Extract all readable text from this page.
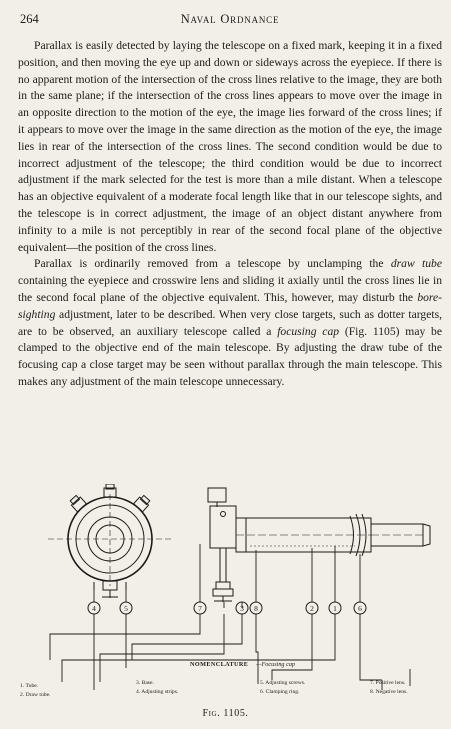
264	Naval Ordnance

Parallax is easily detected by laying the telescope on a fixed mark, keeping it in a fixed position, and then moving the eye up and down or sideways across the eyepiece. If there is no apparent motion of the intersection of the cross lines relative to the image, they are both in the same plane; if the intersection of the cross lines appears to move over the image in an opposite direction to the motion of the eye, the image lies forward of the cross lines; if it appears to move over the image in the same direction as the motion of the eye, the image lies in rear of the intersection of the cross lines. The second condition would be due to incorrect adjustment of the telescope; the third condition would be due to incorrect adjustment if the mark selected for the test is more than a mile distant. When a telescope has an objective equivalent of a moderate focal length like that in our telescope sights, and the telescope is in correct adjustment, the image of an object distant anywhere from infinity to a mile is not perceptibly in rear of the second focal plane of the objective equivalent—the position of the cross lines.

Parallax is ordinarily removed from a telescope by unclamping the draw tube containing the eyepiece and crosswire lens and sliding it axially until the cross lines lie in the second focal plane of the objective equivalent. This, however, may disturb the bore-sighting adjustment, later to be described. When very close targets, such as dotter targets, are to be observed, an auxiliary telescope called a focusing cap (Fig. 1105) may be clamped to the objective end of the main telescope. By adjusting the draw tube of the focusing cap a close target may be seen without parallax through the main telescope. This makes any adjustment of the main telescope unnecessary.

4	5	7	3 8	2	1	6
NOMENCLATURE —Focusing cap
1. Tube.
2. Draw tube.
3. Base.
4. Adjusting strips.
5. Adjusting screws.
6. Clamping ring.
7. Positive lens.
8. Negative lens.
Fig. 1105.
